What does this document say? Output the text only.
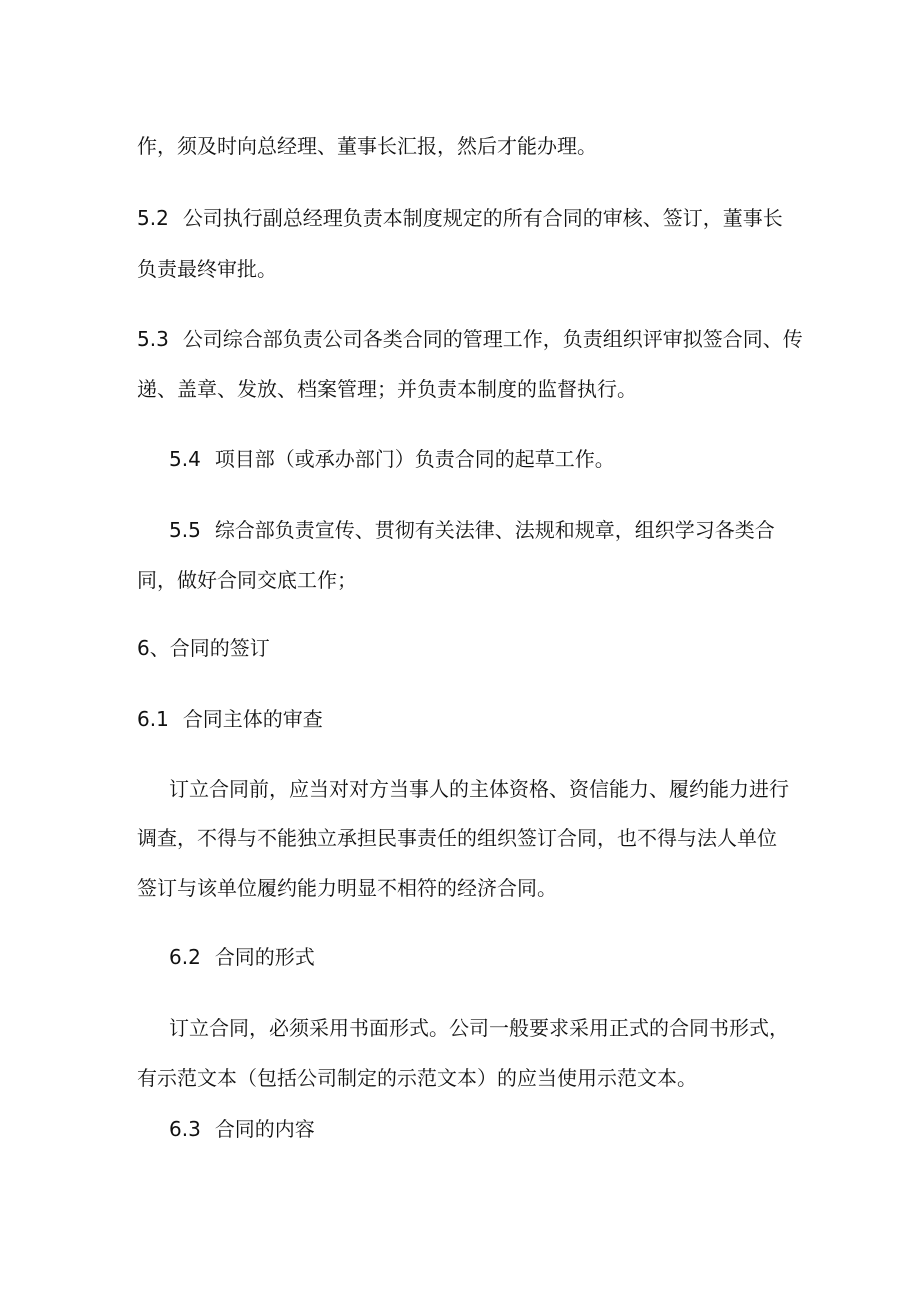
作，须及时向总经理、董事长汇报，然后才能办理。
5.2 公司执行副总经理负责本制度规定的所有合同的审核、签订，董事长
负责最终审批。
5.3 公司综合部负责公司各类合同的管理工作，负责组织评审拟签合同、传
递、盖章、发放、档案管理；并负责本制度的监督执行。
5.4 项目部（或承办部门）负责合同的起草工作。
5.5 综合部负责宣传、贯彻有关法律、法规和规章，组织学习各类合
同，做好合同交底工作；
6、合同的签订
6.1 合同主体的审查
订立合同前，应当对对方当事人的主体资格、资信能力、履约能力进行
调查，不得与不能独立承担民事责任的组织签订合同，也不得与法人单位
签订与该单位履约能力明显不相符的经济合同。
6.2 合同的形式
订立合同，必须采用书面形式。公司一般要求采用正式的合同书形式，
有示范文本（包括公司制定的示范文本）的应当使用示范文本。
6.3 合同的内容
